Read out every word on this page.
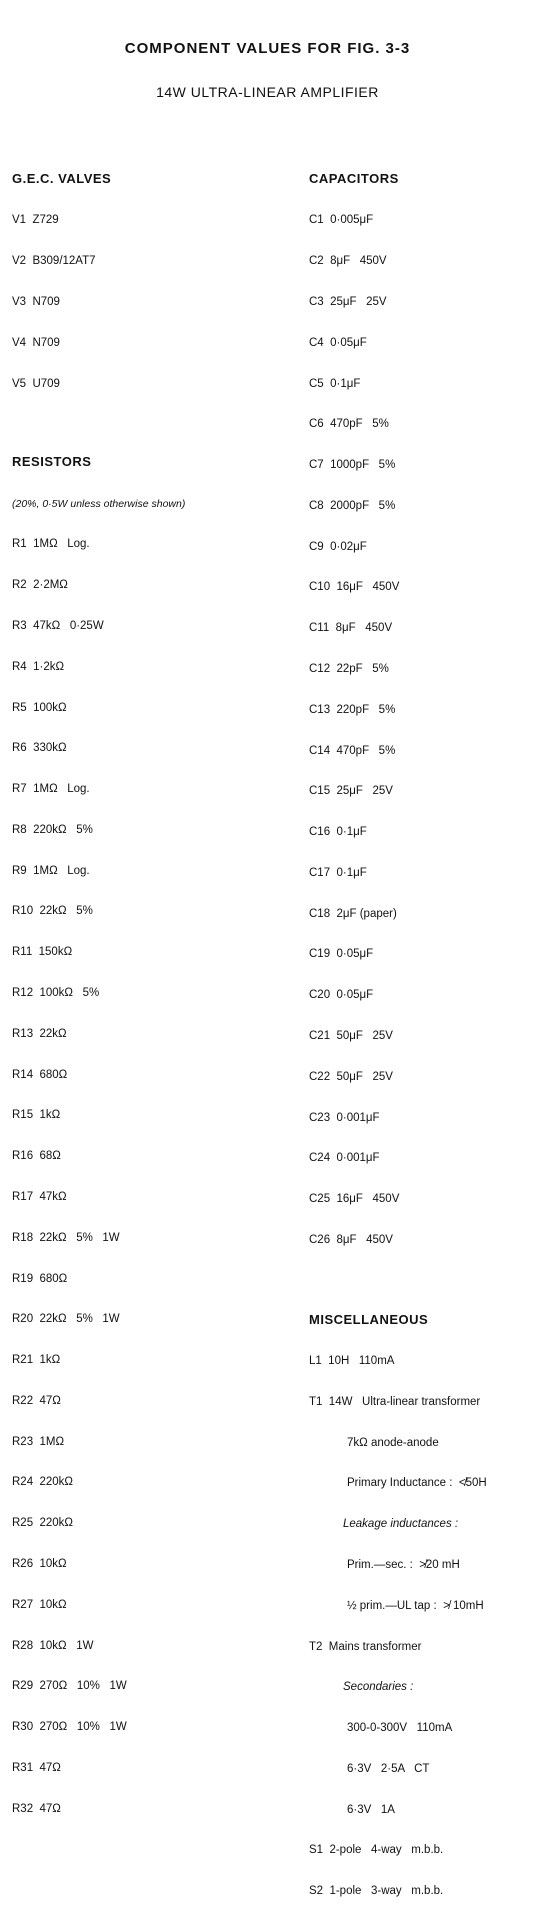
COMPONENT VALUES FOR FIG. 3-3
14W ULTRA-LINEAR AMPLIFIER

G.E.C. VALVES

V1  Z729

V2  B309/12AT7

V3  N709

V4  N709

V5  U709

RESISTORS

(20%, 0·5W unless otherwise shown)

R1  1MΩ   Log.

R2  2·2MΩ

R3  47kΩ   0·25W

R4  1·2kΩ

R5  100kΩ

R6  330kΩ

R7  1MΩ   Log.

R8  220kΩ   5%

R9  1MΩ   Log.

R10  22kΩ   5%

R11  150kΩ

R12  100kΩ   5%

R13  22kΩ

R14  680Ω

R15  1kΩ

R16  68Ω

R17  47kΩ

R18  22kΩ   5%   1W

R19  680Ω

R20  22kΩ   5%   1W

R21  1kΩ

R22  47Ω

R23  1MΩ

R24  220kΩ

R25  220kΩ

R26  10kΩ

R27  10kΩ

R28  10kΩ   1W

R29  270Ω   10%   1W

R30  270Ω   10%   1W

R31  47Ω

R32  47Ω

CAPACITORS

C1  0·005μF

C2  8μF   450V

C3  25μF   25V

C4  0·05μF

C5  0·1μF

C6  470pF   5%

C7  1000pF   5%

C8  2000pF   5%

C9  0·02μF

C10  16μF   450V

C11  8μF   450V

C12  22pF   5%

C13  220pF   5%

C14  470pF   5%

C15  25μF   25V

C16  0·1μF

C17  0·1μF

C18  2μF (paper)

C19  0·05μF

C20  0·05μF

C21  50μF   25V

C22  50μF   25V

C23  0·001μF

C24  0·001μF

C25  16μF   450V

C26  8μF   450V

MISCELLANEOUS

L1  10H   110mA

T1  14W   Ultra-linear transformer

7kΩ anode-anode

Primary Inductance :  ≮50H

Leakage inductances :

Prim.—sec. :  ≯20 mH

½ prim.—UL tap :  ≯ 10mH

T2  Mains transformer

Secondaries :

300-0-300V   110mA

6·3V   2·5A   CT

6·3V   1A

S1  2-pole   4-way   m.b.b.

S2  1-pole   3-way   m.b.b.
